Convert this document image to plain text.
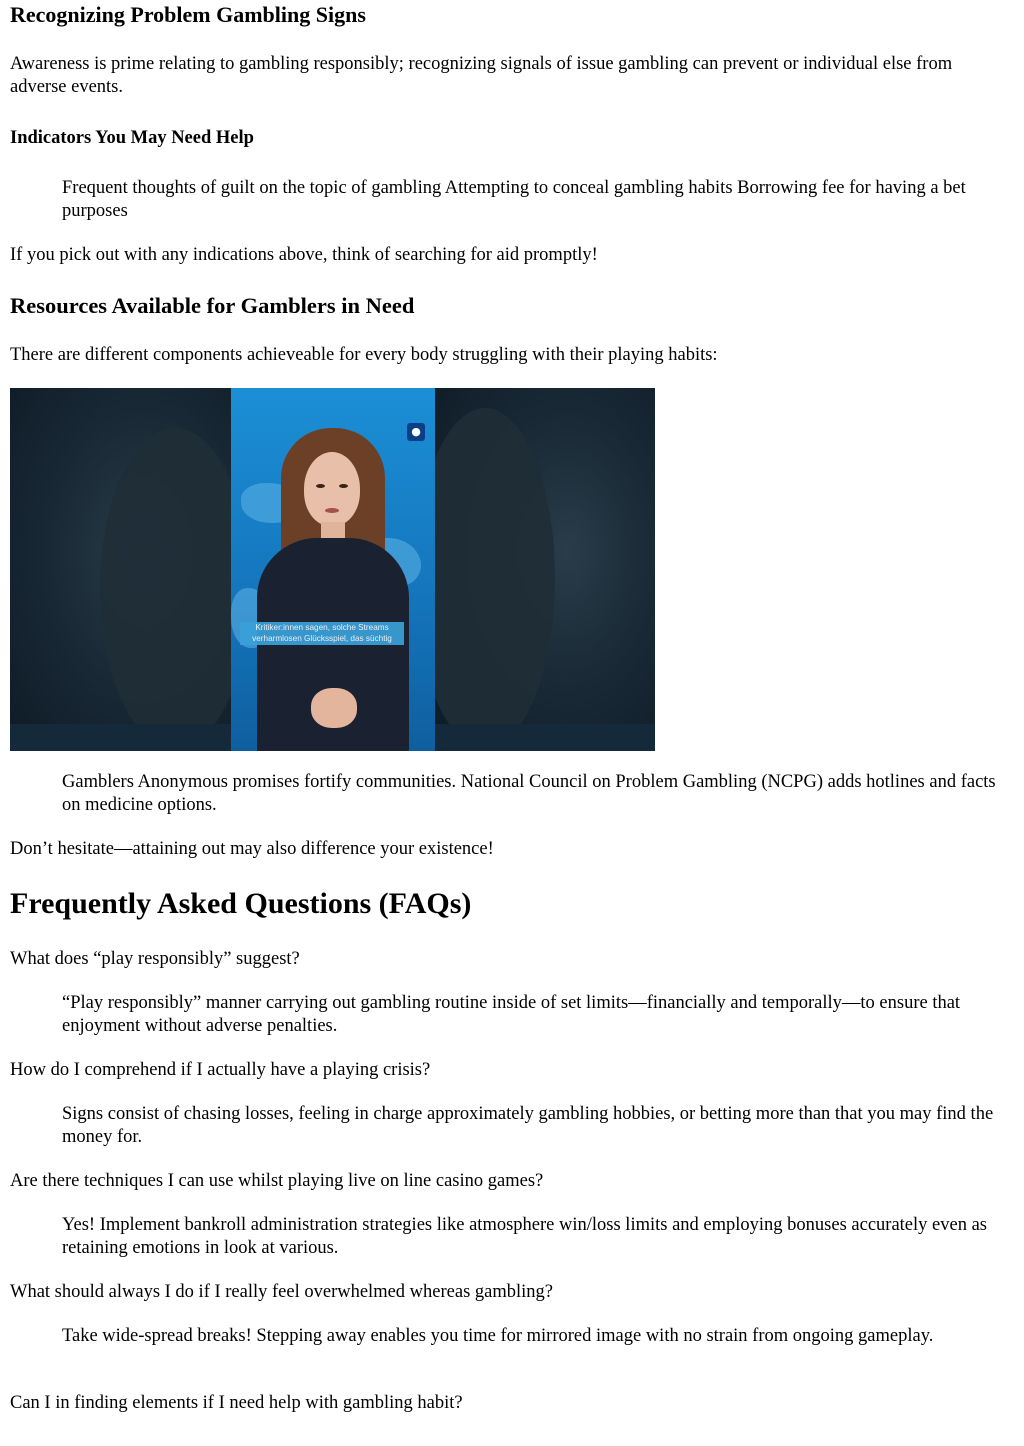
Recognizing Problem Gambling Signs

Awareness is prime relating to gambling responsibly; recognizing signals of issue gambling can prevent or individual else from adverse events.

Indicators You May Need Help

Frequent thoughts of guilt on the topic of gambling Attempting to conceal gambling habits Borrowing fee for having a bet purposes

If you pick out with any indications above, think of searching for aid promptly!

Resources Available for Gamblers in Need

There are different components achieveable for every body struggling with their playing habits:

●
Kritiker:innen sagen, solche Streams
verharmlosen Glücksspiel, das süchtig

Gamblers Anonymous promises fortify communities. National Council on Problem Gambling (NCPG) adds hotlines and facts on medicine options.

Don’t hesitate—attaining out may also difference your existence!

Frequently Asked Questions (FAQs)

What does “play responsibly” suggest?

“Play responsibly” manner carrying out gambling routine inside of set limits—financially and temporally—to ensure that enjoyment without adverse penalties.

How do I comprehend if I actually have a playing crisis?

Signs consist of chasing losses, feeling in charge approximately gambling hobbies, or betting more than that you may find the money for.

Are there techniques I can use whilst playing live on line casino games?

Yes! Implement bankroll administration strategies like atmosphere win/loss limits and employing bonuses accurately even as retaining emotions in look at various.

What should always I do if I really feel overwhelmed whereas gambling?

Take wide-spread breaks! Stepping away enables you time for mirrored image with no strain from ongoing gameplay.

Can I in finding elements if I need help with gambling habit?
